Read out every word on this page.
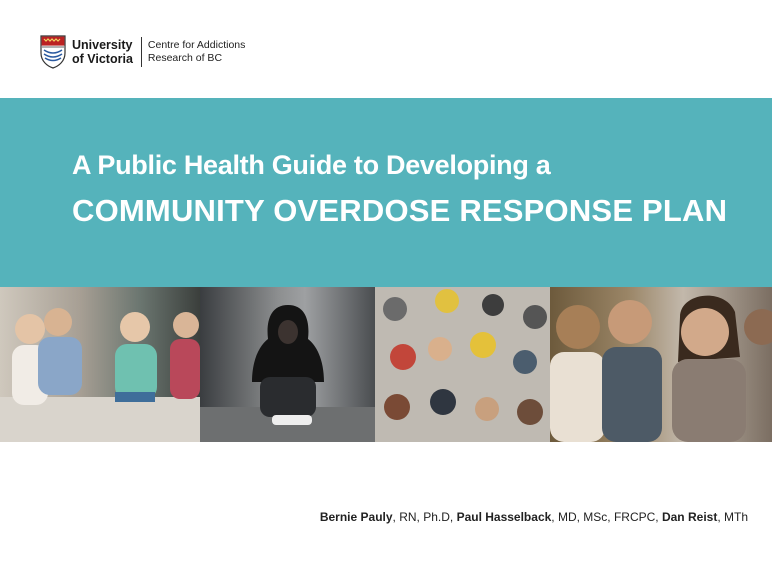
University
of Victoria
Centre for Addictions
Research of BC
A Public Health Guide to Developing a
COMMUNITY OVERDOSE RESPONSE PLAN
Bernie Pauly, RN, Ph.D, Paul Hasselback, MD, MSc, FRCPC, Dan Reist, MTh
